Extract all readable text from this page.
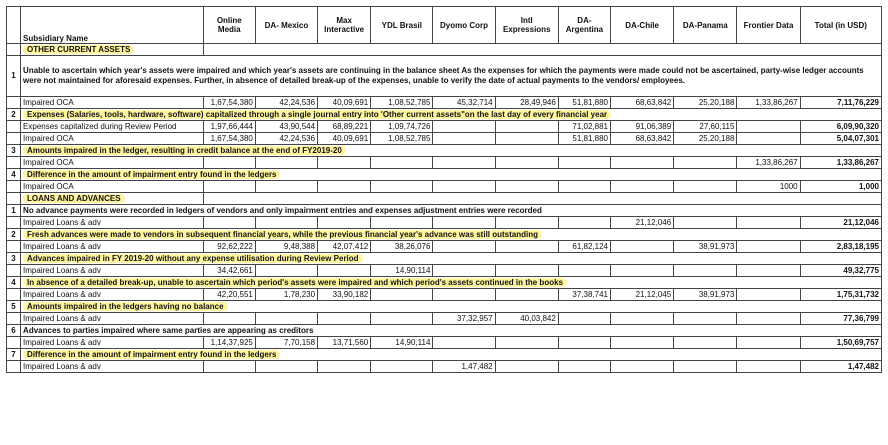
	Subsidiary Name	Online Media	DA- Mexico	Max Interactive	YDL Brasil	Dyomo Corp	Intl Expressions	DA- Argentina	DA-Chile	DA-Panama	Frontier Data	Total (in USD)
	OTHER CURRENT ASSETS											
1	Unable to ascertain which year's assets were impaired and which year's assets are continuing in the balance sheet As the expenses for which the payments were made could not be ascertained, party-wise ledger accounts were not maintained for aforesaid expenses. Further, in absence of detailed break-up of the expenses, unable to verify the date of actual payments to the vendors/ employees.											
	Impaired OCA	1,67,54,380	42,24,536	40,09,691	1,08,52,785	45,32,714	28,49,946	51,81,880	68,63,842	25,20,188	1,33,86,267	7,11,76,229
2	Expenses (Salaries, tools, hardware, software) capitalized through a single journal entry into 'Other current assets"on the last day of every financial year											
	Expenses capitalized during Review Period	1,97,66,444	43,90,544	68,89,221	1,09,74,726			71,02,881	91,06,389	27,60,115		6,09,90,320
	Impaired OCA	1,67,54,380	42,24,536	40,09,691	1,08,52,785			51,81,880	68,63,842	25,20,188		5,04,07,301
3	Amounts impaired in the ledger, resulting in credit balance at the end of FY2019-20											
	Impaired OCA										1,33,86,267	1,33,86,267
4	Difference in the amount of impairment entry found in the ledgers											
	Impaired OCA										1000	1,000
	LOANS AND ADVANCES											
1	No advance payments were recorded in ledgers of vendors and only impairment entries and expenses adjustment entries were recorded											
	Impaired Loans & adv								21,12,046			21,12,046
2	Fresh advances were made to vendors in subsequent financial years, while the previous financial year's advance was still outstanding											
	Impaired Loans & adv	92,62,222	9,48,388	42,07,412	38,26,076			61,82,124		38,91,973		2,83,18,195
3	Advances impaired in FY 2019-20 without any expense utilisation during Review Period											
	Impaired Loans & adv	34,42,661			14,90,114							49,32,775
4	In absence of a detailed break-up, unable to ascertain which period's assets were impaired and which period's assets continued in the books											
	Impaired Loans & adv	42,20,551	1,78,230	33,90,182				37,38,741	21,12,045	38,91,973		1,75,31,732
5	Amounts impaired in the ledgers having no balance											
	Impaired Loans & adv					37,32,957	40,03,842					77,36,799
6	Advances to parties impaired where same parties are appearing as creditors											
	Impaired Loans & adv	1,14,37,925	7,70,158	13,71,560	14,90,114							1,50,69,757
7	Difference in the amount of impairment entry found in the ledgers											
	Impaired Loans & adv					1,47,482						1,47,482
